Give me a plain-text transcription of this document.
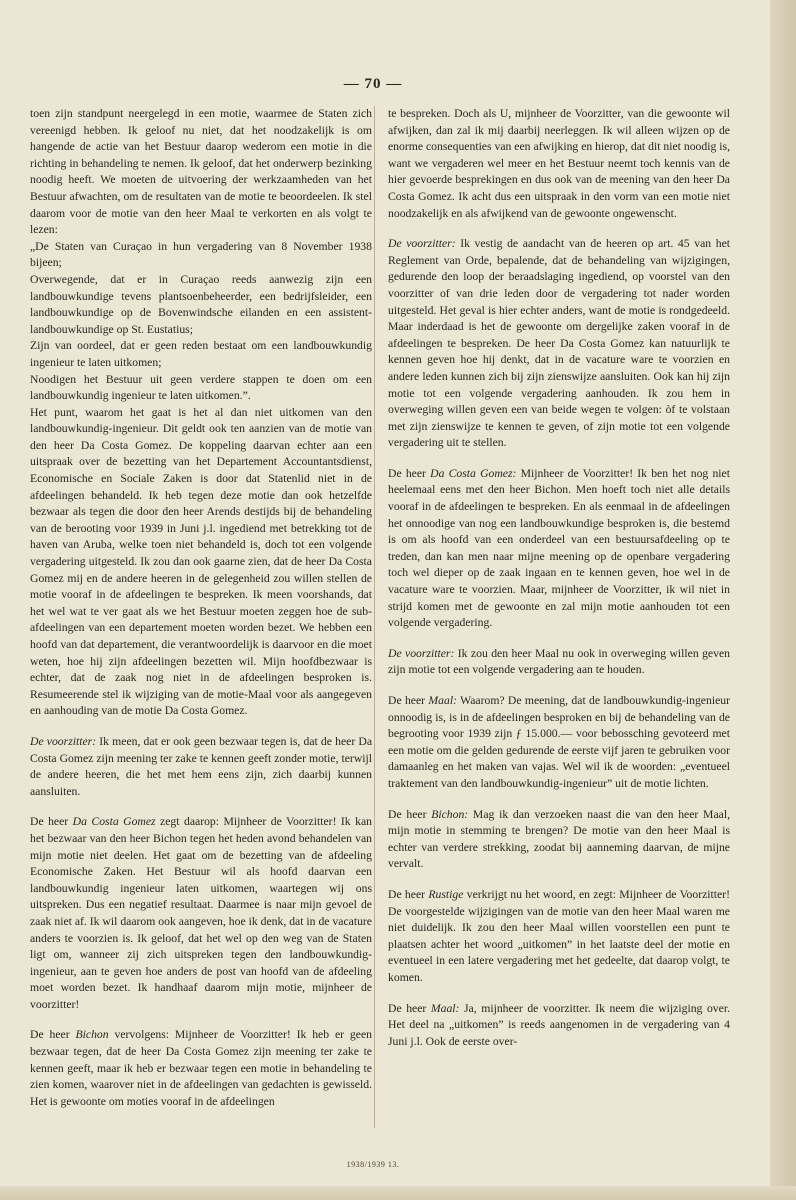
— 70 —

toen zijn standpunt neergelegd in een motie, waarmee de Staten zich vereenigd hebben. Ik geloof nu niet, dat het noodzakelijk is om hangende de actie van het Bestuur daarop wederom een motie in die richting in behandeling te nemen. Ik geloof, dat het onderwerp bezinking noodig heeft. We moeten de uitvoering der werkzaamheden van het Bestuur afwachten, om de resultaten van de motie te beoordeelen. Ik stel daarom voor de motie van den heer Maal te verkorten en als volgt te lezen:

„De Staten van Curaçao in hun vergadering van 8 November 1938 bijeen;

Overwegende, dat er in Curaçao reeds aanwezig zijn een landbouwkundige tevens plantsoenbeheerder, een bedrijfsleider, een landbouwkundige op de Bovenwindsche eilanden en een assistent-landbouwkundige op St. Eustatius;

Zijn van oordeel, dat er geen reden bestaat om een landbouwkundig ingenieur te laten uitkomen;

Noodigen het Bestuur uit geen verdere stappen te doen om een landbouwkundig ingenieur te laten uitkomen.”.

Het punt, waarom het gaat is het al dan niet uitkomen van den landbouwkundig-ingenieur. Dit geldt ook ten aanzien van de motie van den heer Da Costa Gomez. De koppeling daarvan echter aan een uitspraak over de bezetting van het Departement Accountantsdienst, Economische en Sociale Zaken is door dat Statenlid niet in de afdeelingen behandeld. Ik heb tegen deze motie dan ook hetzelfde bezwaar als tegen die door den heer Arends destijds bij de behandeling van de berooting voor 1939 in Juni j.l. ingediend met betrekking tot de haven van Aruba, welke toen niet behandeld is, doch tot een volgende vergadering uitgesteld. Ik zou dan ook gaarne zien, dat de heer Da Costa Gomez mij en de andere heeren in de gelegenheid zou willen stellen de motie vooraf in de afdeelingen te bespreken. Ik meen voorshands, dat het wel wat te ver gaat als we het Bestuur moeten zeggen hoe de sub-afdeelingen van een departement moeten worden bezet. We hebben een hoofd van dat departement, die verantwoordelijk is daarvoor en die moet weten, hoe hij zijn afdeelingen bezetten wil. Mijn hoofdbezwaar is echter, dat de zaak nog niet in de afdeelingen besproken is. Resumeerende stel ik wijziging van de motie-Maal voor als aangegeven en aanhouding van de motie Da Costa Gomez.

De voorzitter: Ik meen, dat er ook geen bezwaar tegen is, dat de heer Da Costa Gomez zijn meening ter zake te kennen geeft zonder motie, terwijl de andere heeren, die het met hem eens zijn, zich daarbij kunnen aansluiten.

De heer Da Costa Gomez zegt daarop: Mijnheer de Voorzitter! Ik kan het bezwaar van den heer Bichon tegen het heden avond behandelen van mijn motie niet deelen. Het gaat om de bezetting van de afdeeling Economische Zaken. Het Bestuur wil als hoofd daarvan een landbouwkundig ingenieur laten uitkomen, waartegen wij ons uitspreken. Dus een negatief resultaat. Daarmee is naar mijn gevoel de zaak niet af. Ik wil daarom ook aangeven, hoe ik denk, dat in de vacature anders te voorzien is. Ik geloof, dat het wel op den weg van de Staten ligt om, wanneer zij zich uitspreken tegen den landbouwkundig-ingenieur, aan te geven hoe anders de post van hoofd van de afdeeling moet worden bezet. Ik handhaaf daarom mijn motie, mijnheer de voorzitter!

De heer Bichon vervolgens: Mijnheer de Voorzitter! Ik heb er geen bezwaar tegen, dat de heer Da Costa Gomez zijn meening ter zake te kennen geeft, maar ik heb er bezwaar tegen een motie in behandeling te zien komen, waarover niet in de afdeelingen van gedachten is gewisseld. Het is gewoonte om moties vooraf in de afdeelingen

te bespreken. Doch als U, mijnheer de Voorzitter, van die gewoonte wil afwijken, dan zal ik mij daarbij neerleggen. Ik wil alleen wijzen op de enorme consequenties van een afwijking en hierop, dat dit niet noodig is, want we vergaderen wel meer en het Bestuur neemt toch kennis van de hier gevoerde besprekingen en dus ook van de meening van den heer Da Costa Gomez. Ik acht dus een uitspraak in den vorm van een motie niet noodzakelijk en als afwijkend van de gewoonte ongewenscht.

De voorzitter: Ik vestig de aandacht van de heeren op art. 45 van het Reglement van Orde, bepalende, dat de behandeling van wijzigingen, gedurende den loop der beraadslaging ingediend, op voorstel van den voorzitter of van drie leden door de vergadering tot nader worden uitgesteld. Het geval is hier echter anders, want de motie is rondgedeeld. Maar inderdaad is het de gewoonte om dergelijke zaken vooraf in de afdeelingen te bespreken. De heer Da Costa Gomez kan natuurlijk te kennen geven hoe hij denkt, dat in de vacature ware te voorzien en andere leden kunnen zich bij zijn zienswijze aansluiten. Ook kan hij zijn motie tot een volgende vergadering aanhouden. Ik zou hem in overweging willen geven een van beide wegen te volgen: òf te volstaan met zijn zienswijze te kennen te geven, of zijn motie tot een volgende vergadering uit te stellen.

De heer Da Costa Gomez: Mijnheer de Voorzitter! Ik ben het nog niet heelemaal eens met den heer Bichon. Men hoeft toch niet alle details vooraf in de afdeelingen te bespreken. En als eenmaal in de afdeelingen het onnoodige van nog een landbouwkundige besproken is, die bestemd is om als hoofd van een onderdeel van een bestuursafdeeling op te treden, dan kan men naar mijne meening op de openbare vergadering toch wel dieper op de zaak ingaan en te kennen geven, hoe wel in de vacature ware te voorzien. Maar, mijnheer de Voorzitter, ik wil niet in strijd komen met de gewoonte en zal mijn motie aanhouden tot een volgende vergadering.

De voorzitter: Ik zou den heer Maal nu ook in overweging willen geven zijn motie tot een volgende vergadering aan te houden.

De heer Maal: Waarom? De meening, dat de landbouwkundig-ingenieur onnoodig is, is in de afdeelingen besproken en bij de behandeling van de begrooting voor 1939 zijn ƒ 15.000.— voor bebossching gevoteerd met een motie om die gelden gedurende de eerste vijf jaren te gebruiken voor damaanleg en het maken van vajas. Wel wil ik de woorden: „eventueel traktement van den landbouwkundig-ingenieur” uit de motie lichten.

De heer Bichon: Mag ik dan verzoeken naast die van den heer Maal, mijn motie in stemming te brengen? De motie van den heer Maal is echter van verdere strekking, zoodat bij aanneming daarvan, de mijne vervalt.

De heer Rustige verkrijgt nu het woord, en zegt: Mijnheer de Voorzitter! De voorgestelde wijzigingen van de motie van den heer Maal waren me niet duidelijk. Ik zou den heer Maal willen voorstellen een punt te plaatsen achter het woord „uitkomen” in het laatste deel der motie en eventueel in een latere vergadering met het gedeelte, dat daarop volgt, te komen.

De heer Maal: Ja, mijnheer de voorzitter. Ik neem die wijziging over. Het deel na „uitkomen” is reeds aangenomen in de vergadering van 4 Juni j.l. Ook de eerste over-

1938/1939 13.
